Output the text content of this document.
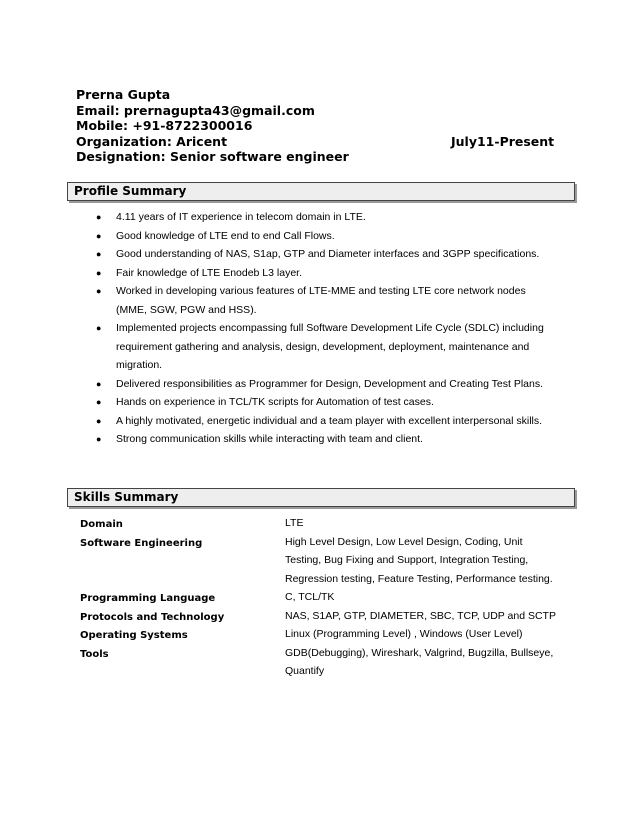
Prerna Gupta
Email: prernagupta43@gmail.com
Mobile: +91-8722300016
Organization: Aricent	July11-Present
Designation: Senior software engineer
Profile Summary
● 4.11 years of IT experience in telecom domain in LTE.
● Good knowledge of LTE end to end Call Flows.
● Good understanding of NAS, S1ap, GTP and Diameter interfaces and 3GPP specifications.
● Fair knowledge of LTE Enodeb L3 layer.
● Worked in developing various features of LTE-MME and testing LTE core network nodes (MME, SGW, PGW and HSS).
● Implemented projects encompassing full Software Development Life Cycle (SDLC) including requirement gathering and analysis, design, development, deployment, maintenance and migration.
● Delivered responsibilities as Programmer for Design, Development and Creating Test Plans.
● Hands on experience in TCL/TK scripts for Automation of test cases.
● A highly motivated, energetic individual and a team player with excellent interpersonal skills.
● Strong communication skills while interacting with team and client.
Skills Summary
Domain	LTE
Software Engineering	High Level Design, Low Level Design, Coding, Unit Testing, Bug Fixing and Support, Integration Testing, Regression testing, Feature Testing, Performance testing.
Programming Language	C, TCL/TK
Protocols and Technology	NAS, S1AP, GTP, DIAMETER, SBC, TCP, UDP and SCTP
Operating Systems	Linux (Programming Level) , Windows (User Level)
Tools	GDB(Debugging), Wireshark, Valgrind, Bugzilla, Bullseye, Quantify
